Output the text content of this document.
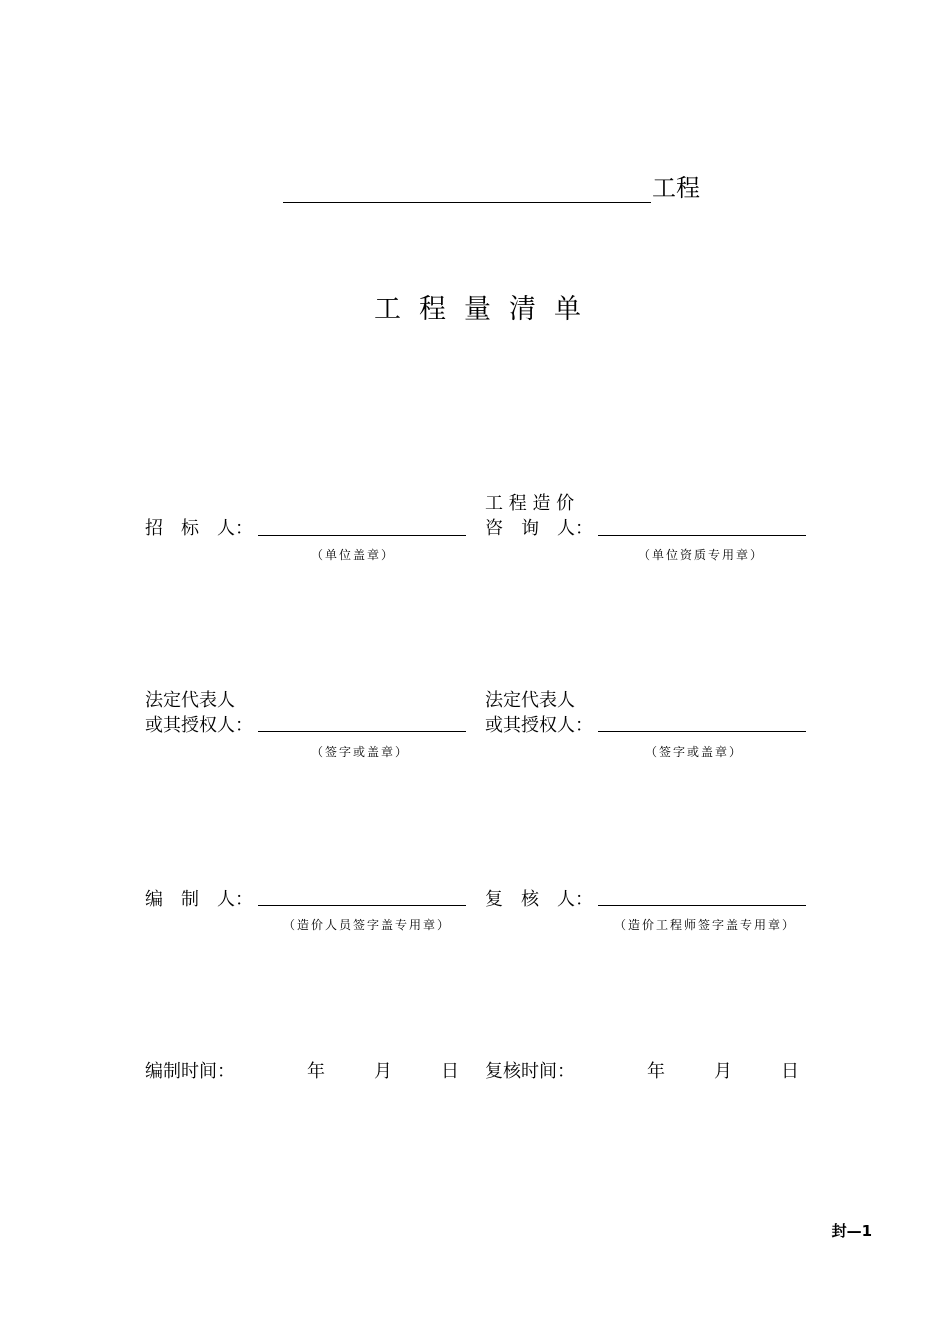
工程
工程量清单
招　标　人：
（单位盖章）
工 程 造 价
咨　询　人：
（单位资质专用章）
法定代表人
或其授权人：
（签字或盖章）
法定代表人
或其授权人：
（签字或盖章）
编　制　人：
（造价人员签字盖专用章）
复　核　人：
（造价工程师签字盖专用章）
编制时间：	年	月	日 复核时间：	年	月	日
封—1
